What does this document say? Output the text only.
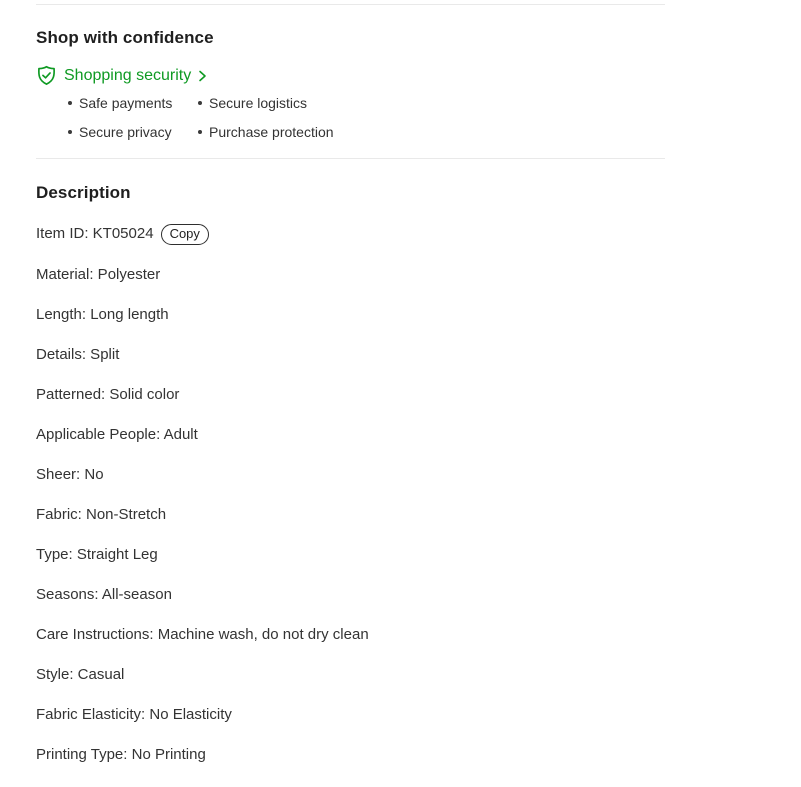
Shop with confidence
Shopping security
Safe payments	Secure logistics
Secure privacy	Purchase protection
Description
Item ID: KT05024	Copy

Material: Polyester

Length: Long length

Details: Split

Patterned: Solid color

Applicable People: Adult

Sheer: No

Fabric: Non-Stretch

Type: Straight Leg

Seasons: All-season

Care Instructions: Machine wash, do not dry clean

Style: Casual

Fabric Elasticity: No Elasticity

Printing Type: No Printing
